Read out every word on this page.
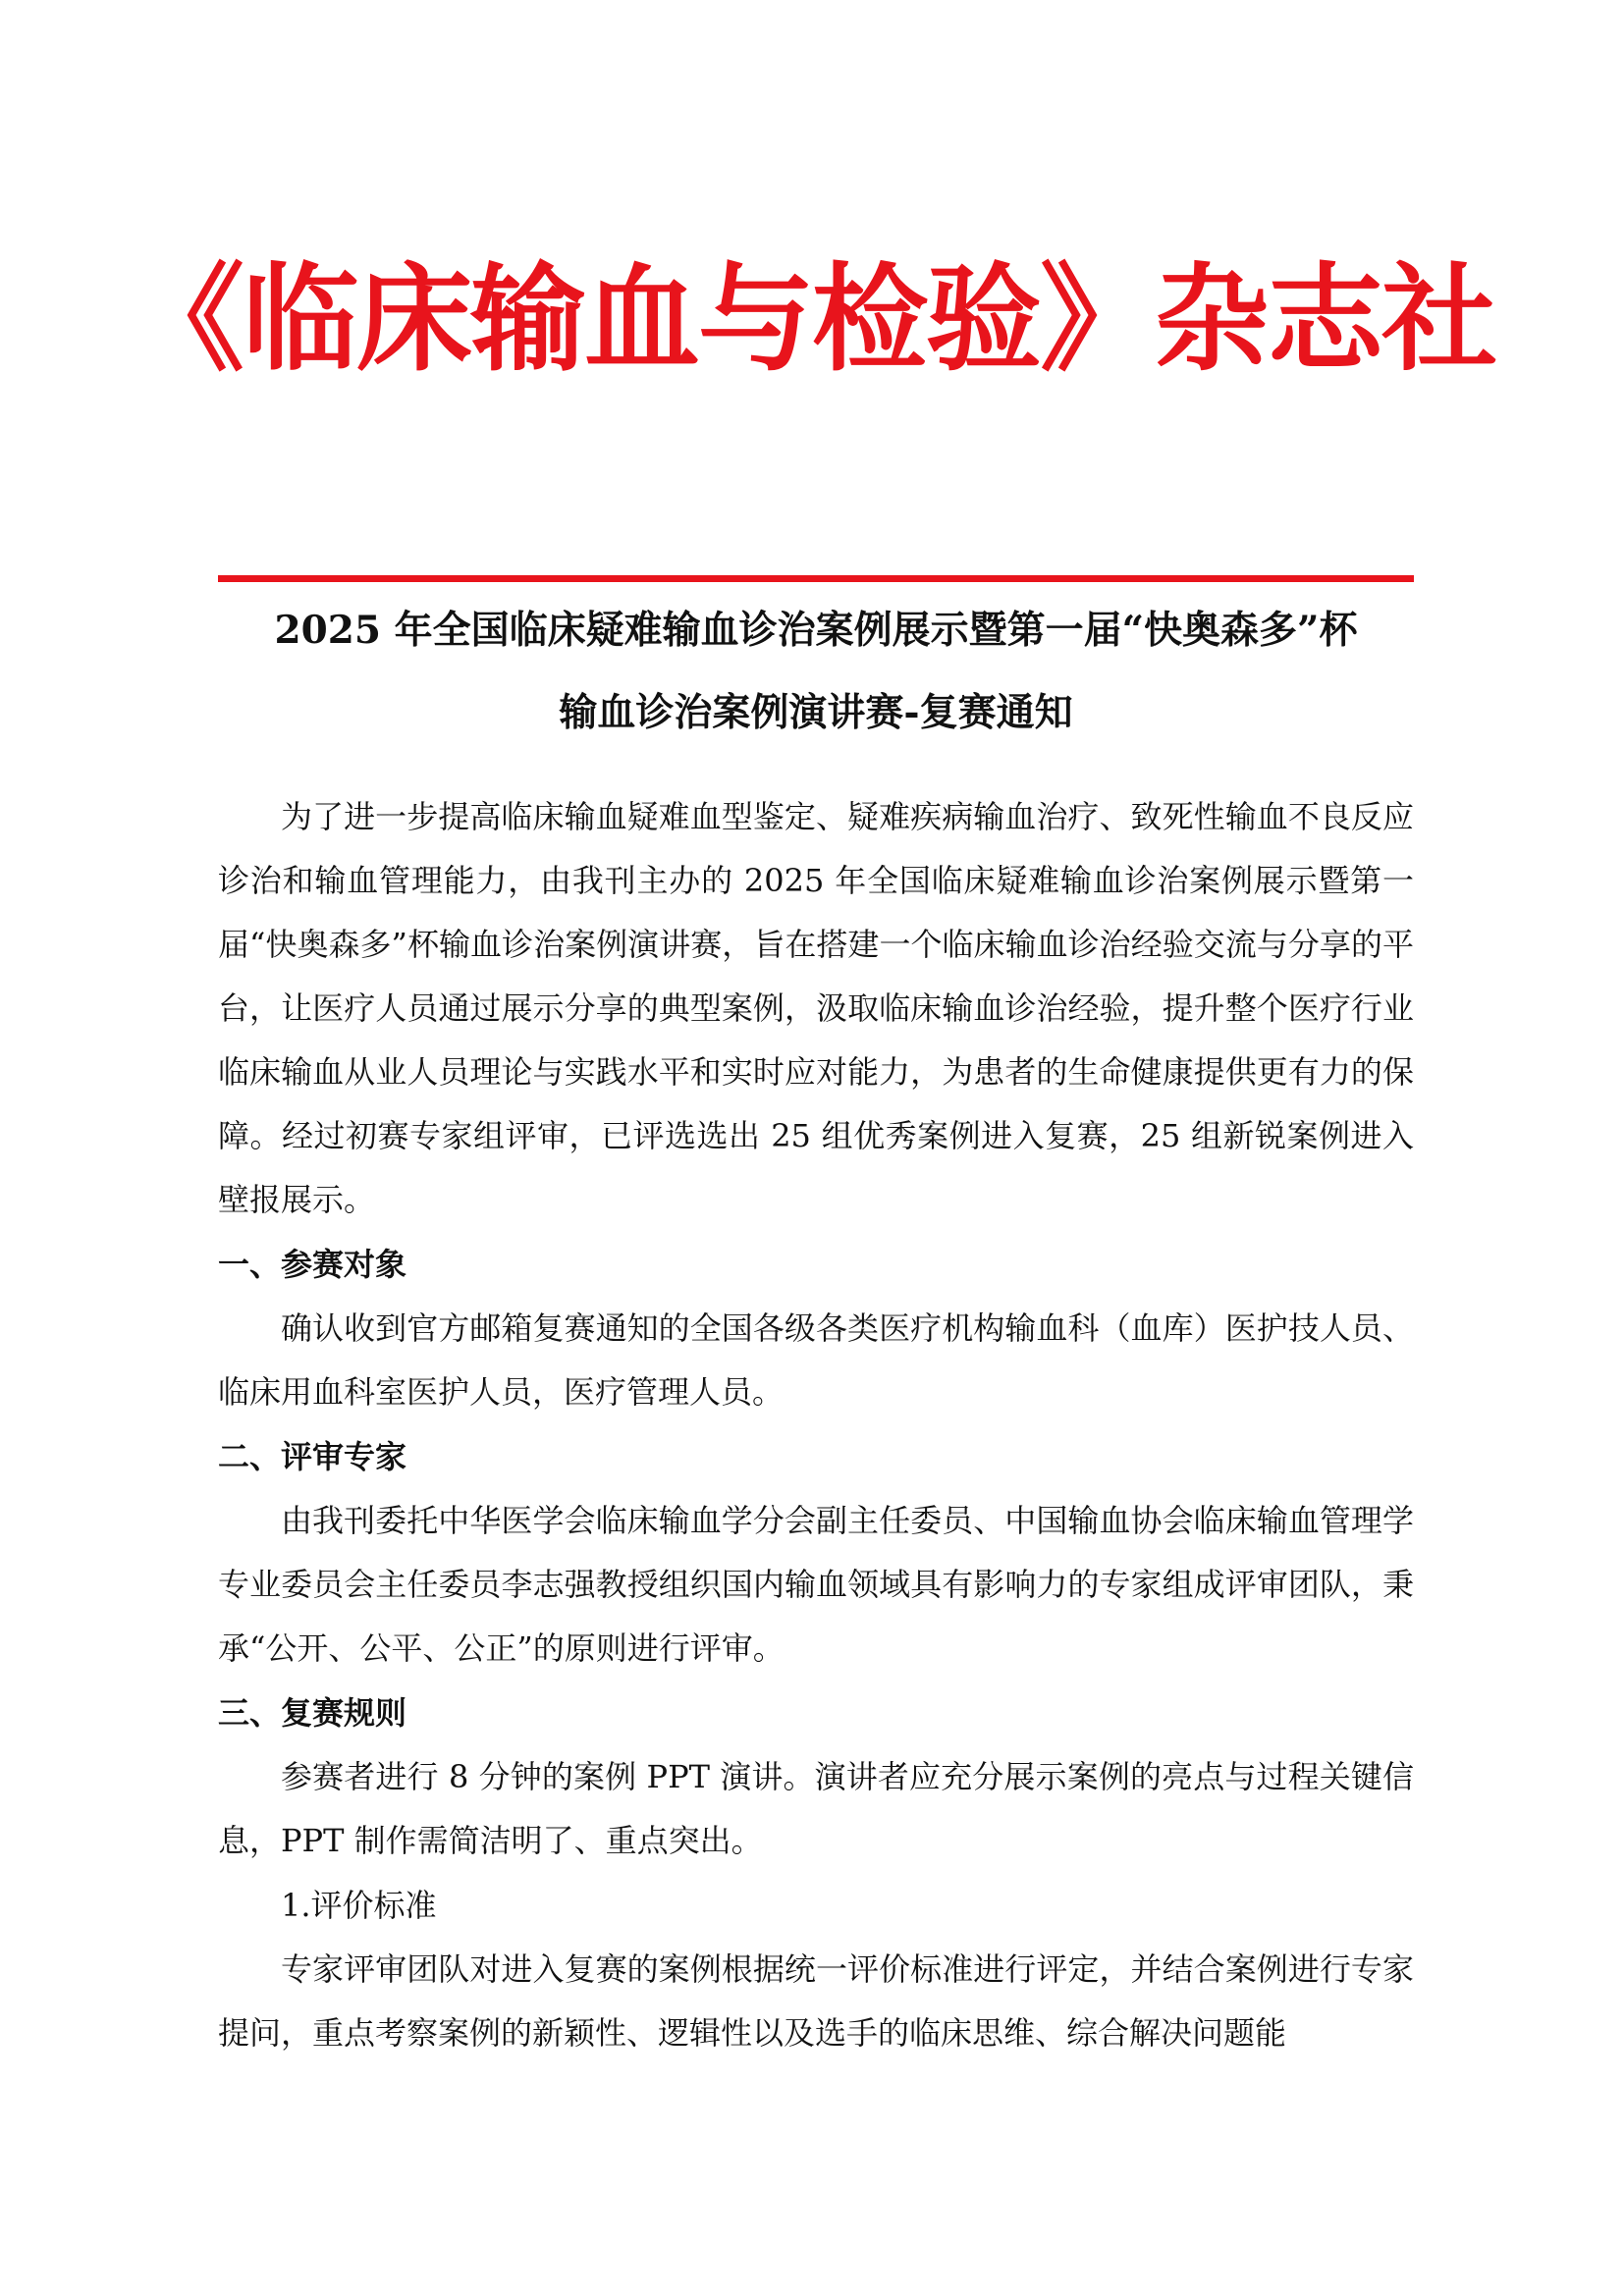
《临床输血与检验》杂志社
2025 年全国临床疑难输血诊治案例展示暨第一届“快奥森多”杯
输血诊治案例演讲赛-复赛通知

为了进一步提高临床输血疑难血型鉴定、疑难疾病输血治疗、致死性输血不良反应诊治和输血管理能力，由我刊主办的 2025 年全国临床疑难输血诊治案例展示暨第一届“快奥森多”杯输血诊治案例演讲赛，旨在搭建一个临床输血诊治经验交流与分享的平台，让医疗人员通过展示分享的典型案例，汲取临床输血诊治经验，提升整个医疗行业临床输血从业人员理论与实践水平和实时应对能力，为患者的生命健康提供更有力的保障。经过初赛专家组评审，已评选选出 25 组优秀案例进入复赛，25 组新锐案例进入壁报展示。

一、参赛对象

确认收到官方邮箱复赛通知的全国各级各类医疗机构输血科（血库）医护技人员、临床用血科室医护人员，医疗管理人员。

二、评审专家

由我刊委托中华医学会临床输血学分会副主任委员、中国输血协会临床输血管理学专业委员会主任委员李志强教授组织国内输血领域具有影响力的专家组成评审团队，秉承“公开、公平、公正”的原则进行评审。

三、复赛规则

参赛者进行 8 分钟的案例 PPT 演讲。演讲者应充分展示案例的亮点与过程关键信息，PPT 制作需简洁明了、重点突出。

1.评价标准

专家评审团队对进入复赛的案例根据统一评价标准进行评定，并结合案例进行专家提问，重点考察案例的新颖性、逻辑性以及选手的临床思维、综合解决问题能
